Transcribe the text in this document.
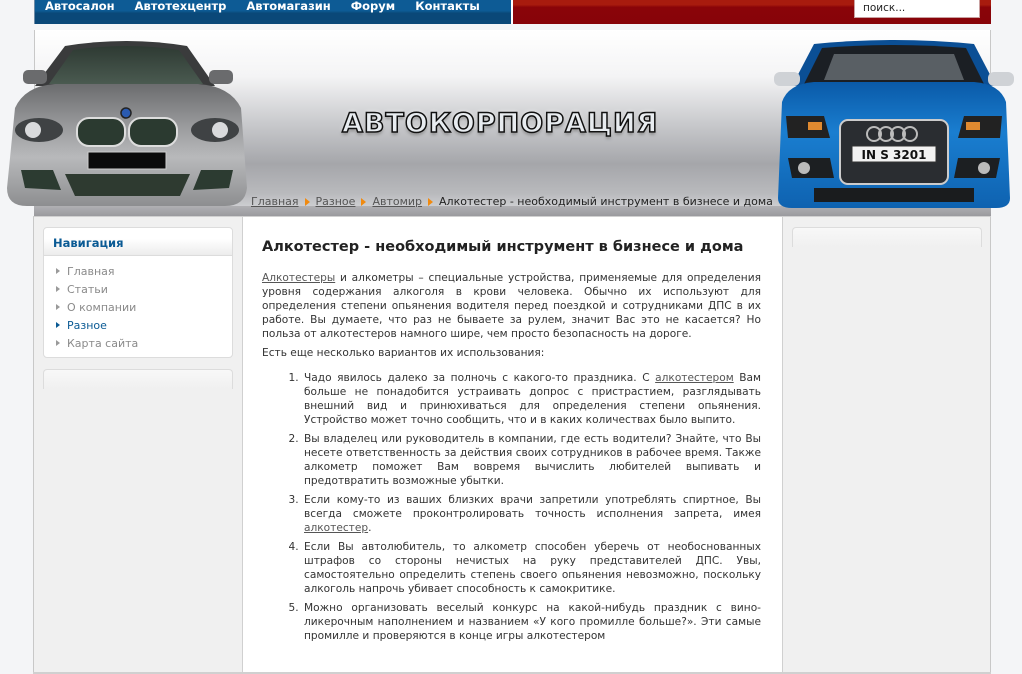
Автосалон Автотехцентр Автомагазин Форум Контакты	поиск...
IN S 3201
АВТОКОРПОРАЦИЯ
Главная Разное Автомир Алкотестер - необходимый инструмент в бизнесе и дома
Навигация
Главная
Статьи
О компании
Разное
Карта сайта
Алкотестер - необходимый инструмент в бизнесе и дома

Алкотестеры и алкометры – специальные устройства, применяемые для определения уровня содержания алкоголя в крови человека. Обычно их используют для определения степени опьянения водителя перед поездкой и сотрудниками ДПС в их работе. Вы думаете, что раз не бываете за рулем, значит Вас это не касается? Но польза от алкотестеров намного шире, чем просто безопасность на дороге.

Есть еще несколько вариантов их использования:

1. Чадо явилось далеко за полночь с какого-то праздника. С алкотестером Вам больше не понадобится устраивать допрос с пристрастием, разглядывать внешний вид и принюхиваться для определения степени опьянения. Устройство может точно сообщить, что и в каких количествах было выпито.
2. Вы владелец или руководитель в компании, где есть водители? Знайте, что Вы несете ответственность за действия своих сотрудников в рабочее время. Также алкометр поможет Вам вовремя вычислить любителей выпивать и предотвратить возможные убытки.
3. Если кому-то из ваших близких врачи запретили употреблять спиртное, Вы всегда сможете проконтролировать точность исполнения запрета, имея алкотестер.
4. Если Вы автолюбитель, то алкометр способен уберечь от необоснованных штрафов со стороны нечистых на руку представителей ДПС. Увы, самостоятельно определить степень своего опьянения невозможно, поскольку алкоголь напрочь убивает способность к самокритике.
5. Можно организовать веселый конкурс на какой-нибудь праздник с вино-ликерочным наполнением и названием «У кого промилле больше?». Эти самые промилле и проверяются в конце игры алкотестером
